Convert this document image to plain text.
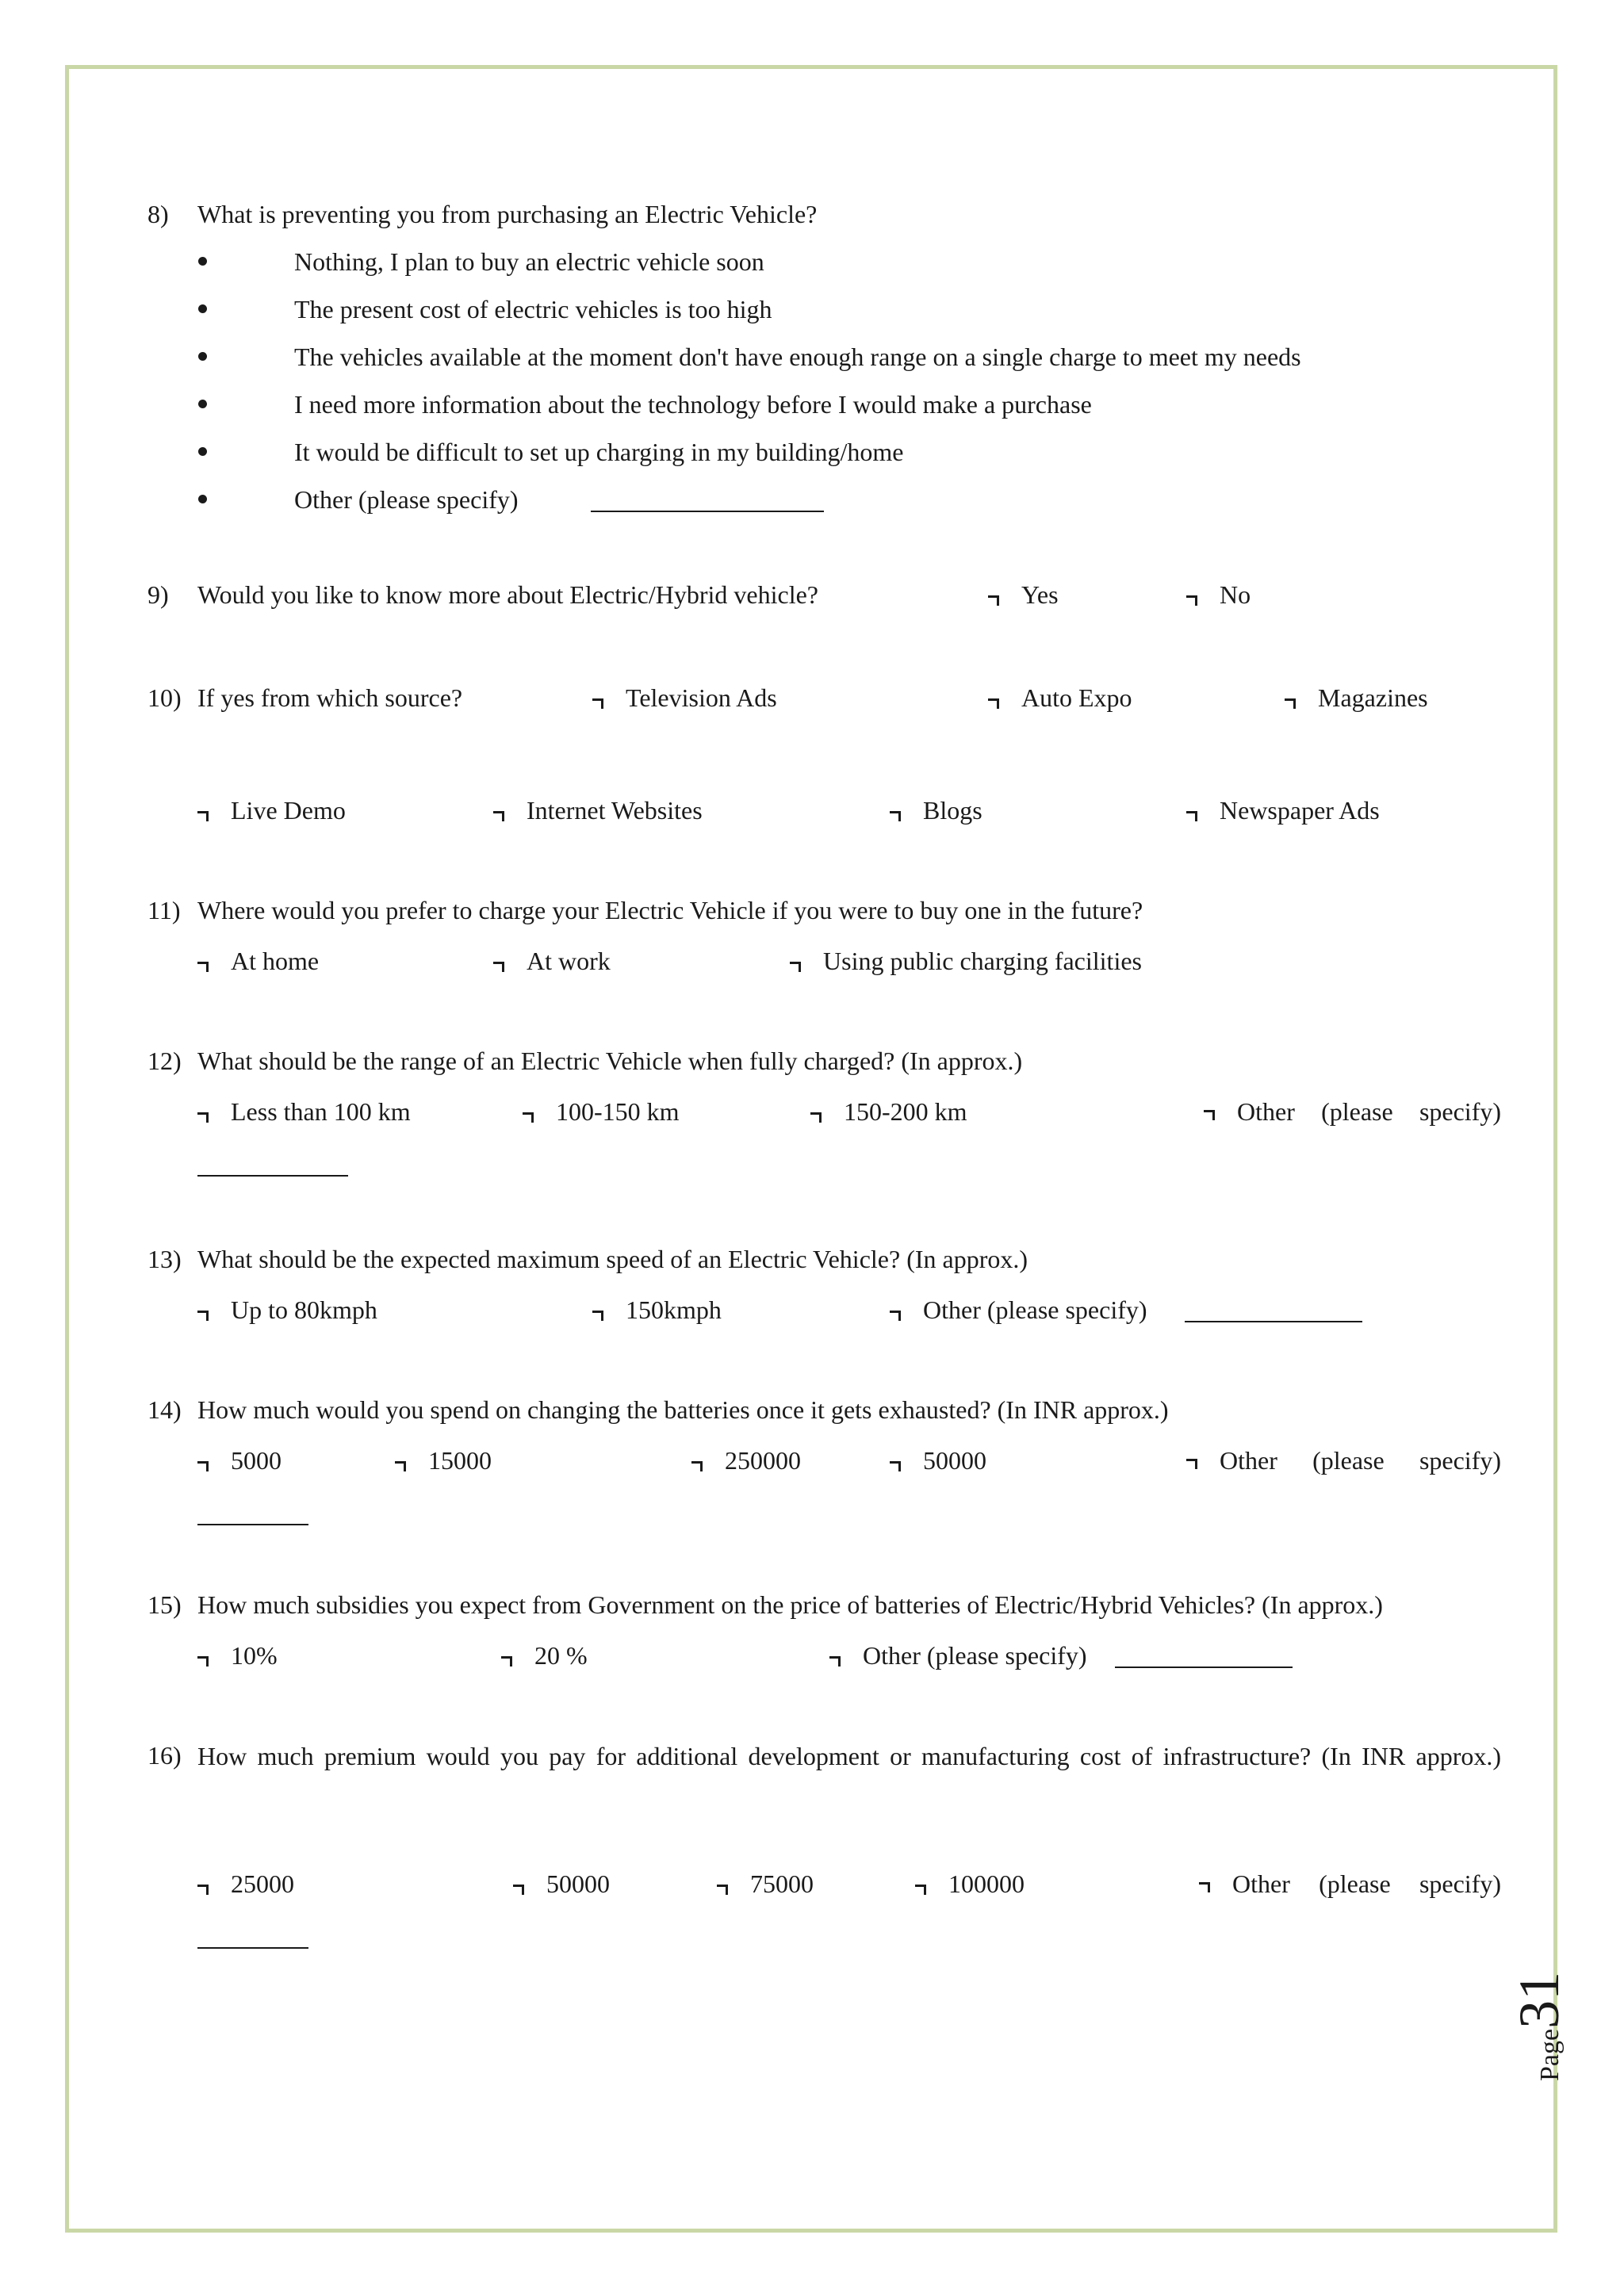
8) What is preventing you from purchasing an Electric Vehicle?
Nothing, I plan to buy an electric vehicle soon
The present cost of electric vehicles is too high
The vehicles available at the moment don't have enough range on a single charge to meet my needs
I need more information about the technology before I would make a purchase
It would be difficult to set up charging in my building/home
Other (please specify)
9) Would you like to know more about Electric/Hybrid vehicle?	Yes	No
10) If yes from which source?	Television Ads	Auto Expo	Magazines
Live Demo	Internet Websites	Blogs	Newspaper Ads
11) Where would you prefer to charge your Electric Vehicle if you were to buy one in the future?
At home	At work	Using public charging facilities
12) What should be the range of an Electric Vehicle when fully charged? (In approx.)
Less than 100 km	100-150 km	150-200 km	Other (please specify)
13) What should be the expected maximum speed of an Electric Vehicle? (In approx.)
Up to 80kmph	150kmph	Other (please specify)
14) How much would you spend on changing the batteries once it gets exhausted? (In INR approx.)
5000	15000	250000	50000	Other (please specify)
15) How much subsidies you expect from Government on the price of batteries of Electric/Hybrid Vehicles? (In approx.)
10%	20 %	Other (please specify)
16) How much premium would you pay for additional development or manufacturing cost of infrastructure? (In INR approx.)
25000	50000	75000	100000	Other (please specify)
Page31
